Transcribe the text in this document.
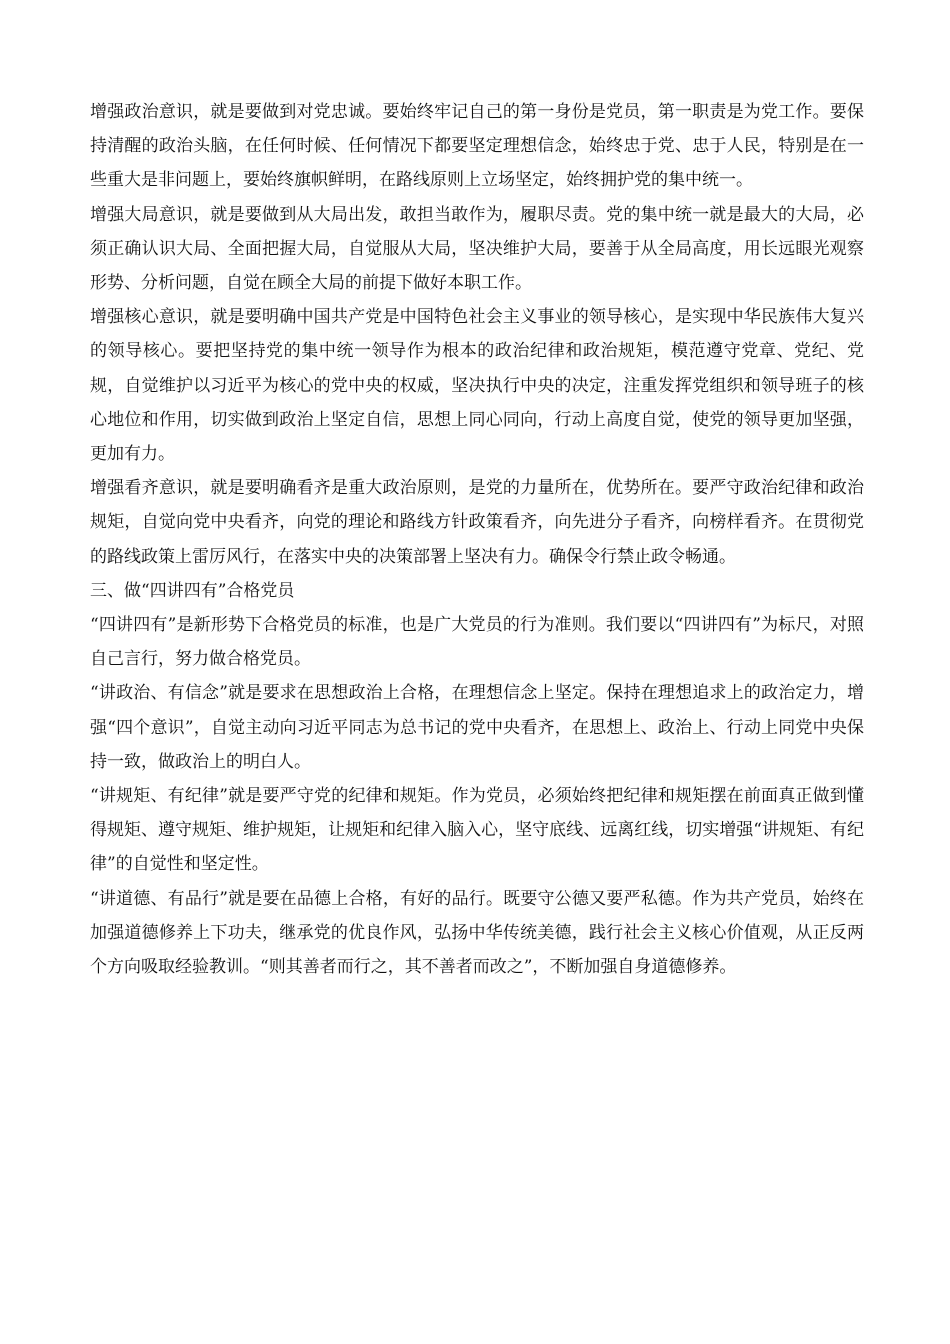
增强政治意识，就是要做到对党忠诚。要始终牢记自己的第一身份是党员，第一职责是为党工作。要保持清醒的政治头脑，在任何时候、任何情况下都要坚定理想信念，始终忠于党、忠于人民，特别是在一些重大是非问题上，要始终旗帜鲜明，在路线原则上立场坚定，始终拥护党的集中统一。

增强大局意识，就是要做到从大局出发，敢担当敢作为，履职尽责。党的集中统一就是最大的大局，必须正确认识大局、全面把握大局，自觉服从大局，坚决维护大局，要善于从全局高度，用长远眼光观察形势、分析问题，自觉在顾全大局的前提下做好本职工作。

增强核心意识，就是要明确中国共产党是中国特色社会主义事业的领导核心，是实现中华民族伟大复兴的领导核心。要把坚持党的集中统一领导作为根本的政治纪律和政治规矩，模范遵守党章、党纪、党规，自觉维护以习近平为核心的党中央的权威，坚决执行中央的决定，注重发挥党组织和领导班子的核心地位和作用，切实做到政治上坚定自信，思想上同心同向，行动上高度自觉，使党的领导更加坚强，更加有力。

增强看齐意识，就是要明确看齐是重大政治原则，是党的力量所在，优势所在。要严守政治纪律和政治规矩，自觉向党中央看齐，向党的理论和路线方针政策看齐，向先进分子看齐，向榜样看齐。在贯彻党的路线政策上雷厉风行，在落实中央的决策部署上坚决有力。确保令行禁止政令畅通。

三、做“四讲四有”合格党员

“四讲四有”是新形势下合格党员的标准，也是广大党员的行为准则。我们要以“四讲四有”为标尺，对照自己言行，努力做合格党员。

“讲政治、有信念”就是要求在思想政治上合格，在理想信念上坚定。保持在理想追求上的政治定力，增强“四个意识”，自觉主动向习近平同志为总书记的党中央看齐，在思想上、政治上、行动上同党中央保持一致，做政治上的明白人。

“讲规矩、有纪律”就是要严守党的纪律和规矩。作为党员，必须始终把纪律和规矩摆在前面真正做到懂得规矩、遵守规矩、维护规矩，让规矩和纪律入脑入心，坚守底线、远离红线，切实增强“讲规矩、有纪律”的自觉性和坚定性。

“讲道德、有品行”就是要在品德上合格，有好的品行。既要守公德又要严私德。作为共产党员，始终在加强道德修养上下功夫，继承党的优良作风，弘扬中华传统美德，践行社会主义核心价值观，从正反两个方向吸取经验教训。“则其善者而行之，其不善者而改之”，不断加强自身道德修养。
